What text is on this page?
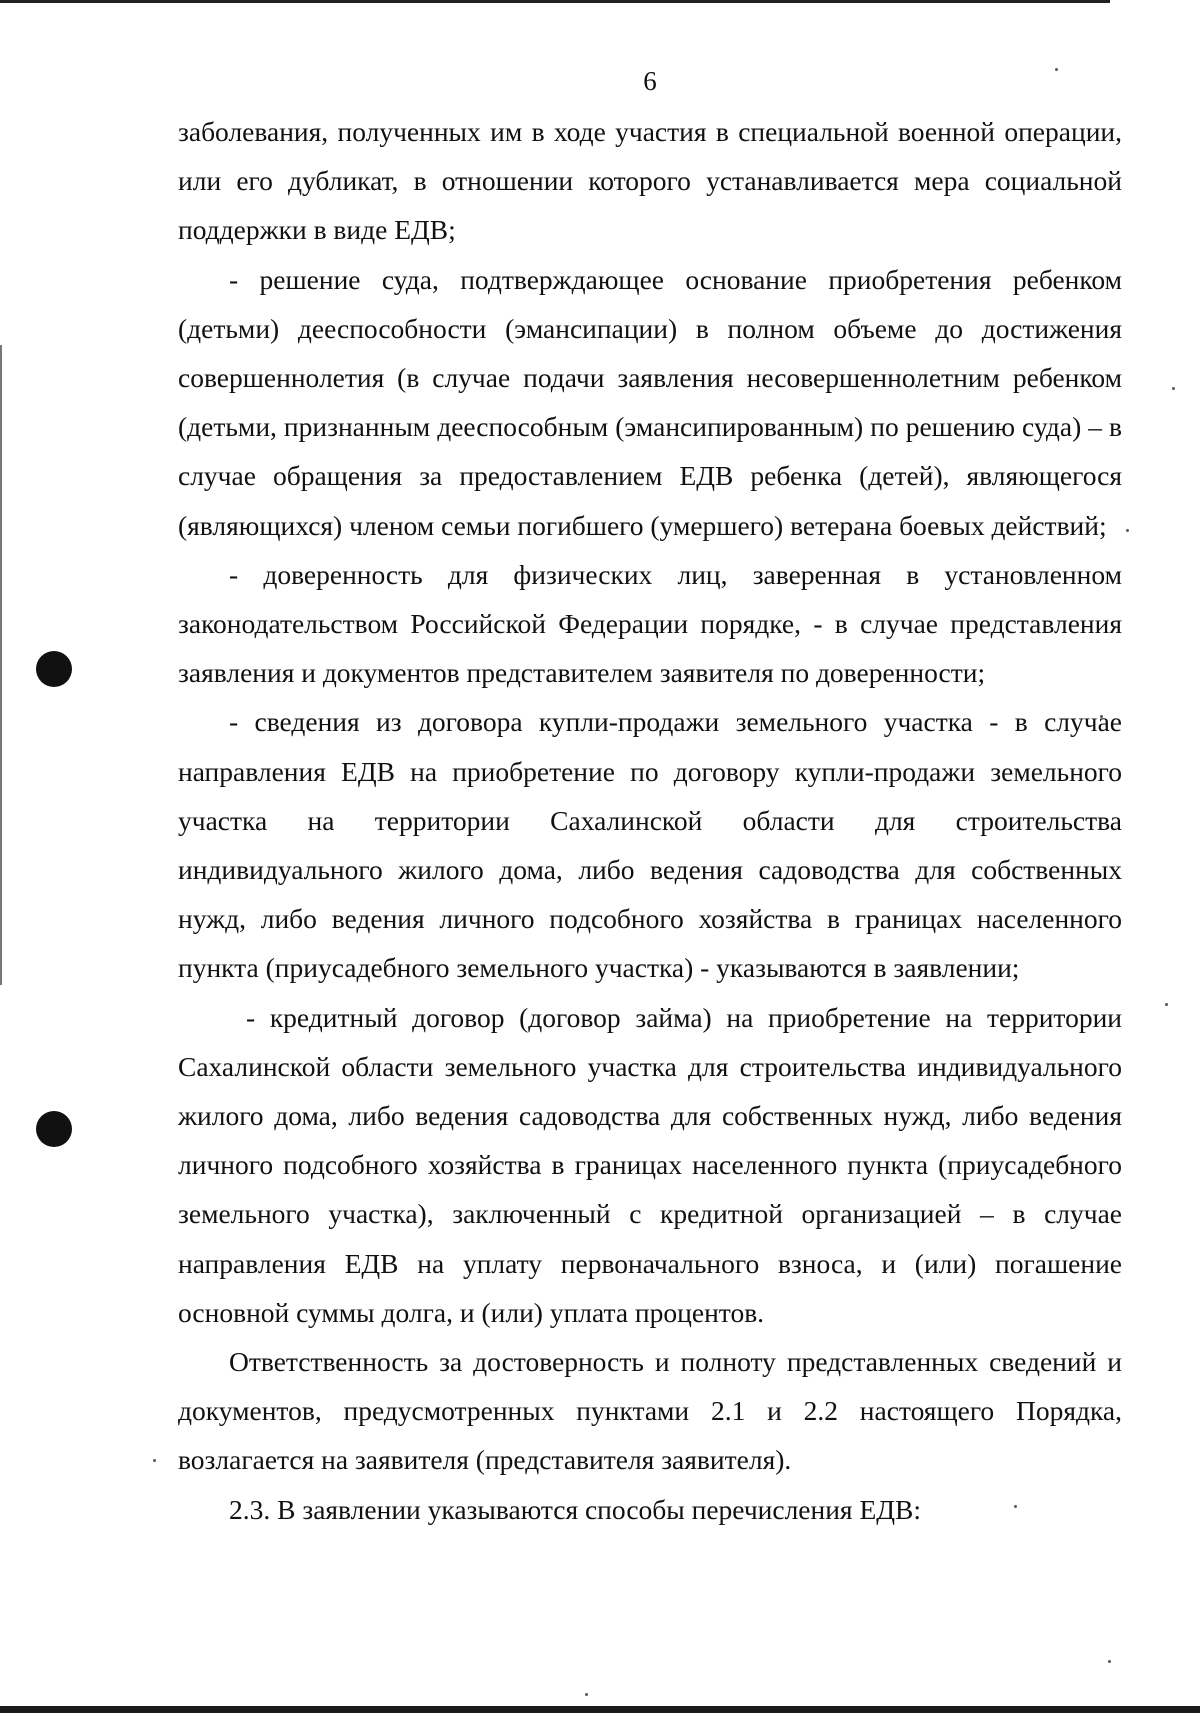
6

заболевания, полученных им в ходе участия в специальной военной операции, или его дубликат, в отношении которого устанавливается мера социальной поддержки в виде ЕДВ;

- решение суда, подтверждающее основание приобретения ребенком (детьми) дееспособности (эмансипации) в полном объеме до достижения совершеннолетия (в случае подачи заявления несовершеннолетним ребенком (детьми, признанным дееспособным (эмансипированным) по решению суда) – в случае обращения за предоставлением ЕДВ ребенка (детей), являющегося (являющихся) членом семьи погибшего (умершего) ветерана боевых действий;

- доверенность для физических лиц, заверенная в установленном законодательством Российской Федерации порядке, - в случае представления заявления и документов представителем заявителя по доверенности;

- сведения из договора купли-продажи земельного участка - в случае направления ЕДВ на приобретение по договору купли-продажи земельного участка на территории Сахалинской области для строительства индивидуального жилого дома, либо ведения садоводства для собственных нужд, либо ведения личного подсобного хозяйства в границах населенного пункта (приусадебного земельного участка) - указываются в заявлении;

- кредитный договор (договор займа) на приобретение на территории Сахалинской области земельного участка для строительства индивидуального жилого дома, либо ведения садоводства для собственных нужд, либо ведения личного подсобного хозяйства в границах населенного пункта (приусадебного земельного участка), заключенный с кредитной организацией – в случае направления ЕДВ на уплату первоначального взноса, и (или) погашение основной суммы долга, и (или) уплата процентов.

Ответственность за достоверность и полноту представленных сведений и документов, предусмотренных пунктами 2.1 и 2.2 настоящего Порядка, возлагается на заявителя (представителя заявителя).

2.3. В заявлении указываются способы перечисления ЕДВ:
